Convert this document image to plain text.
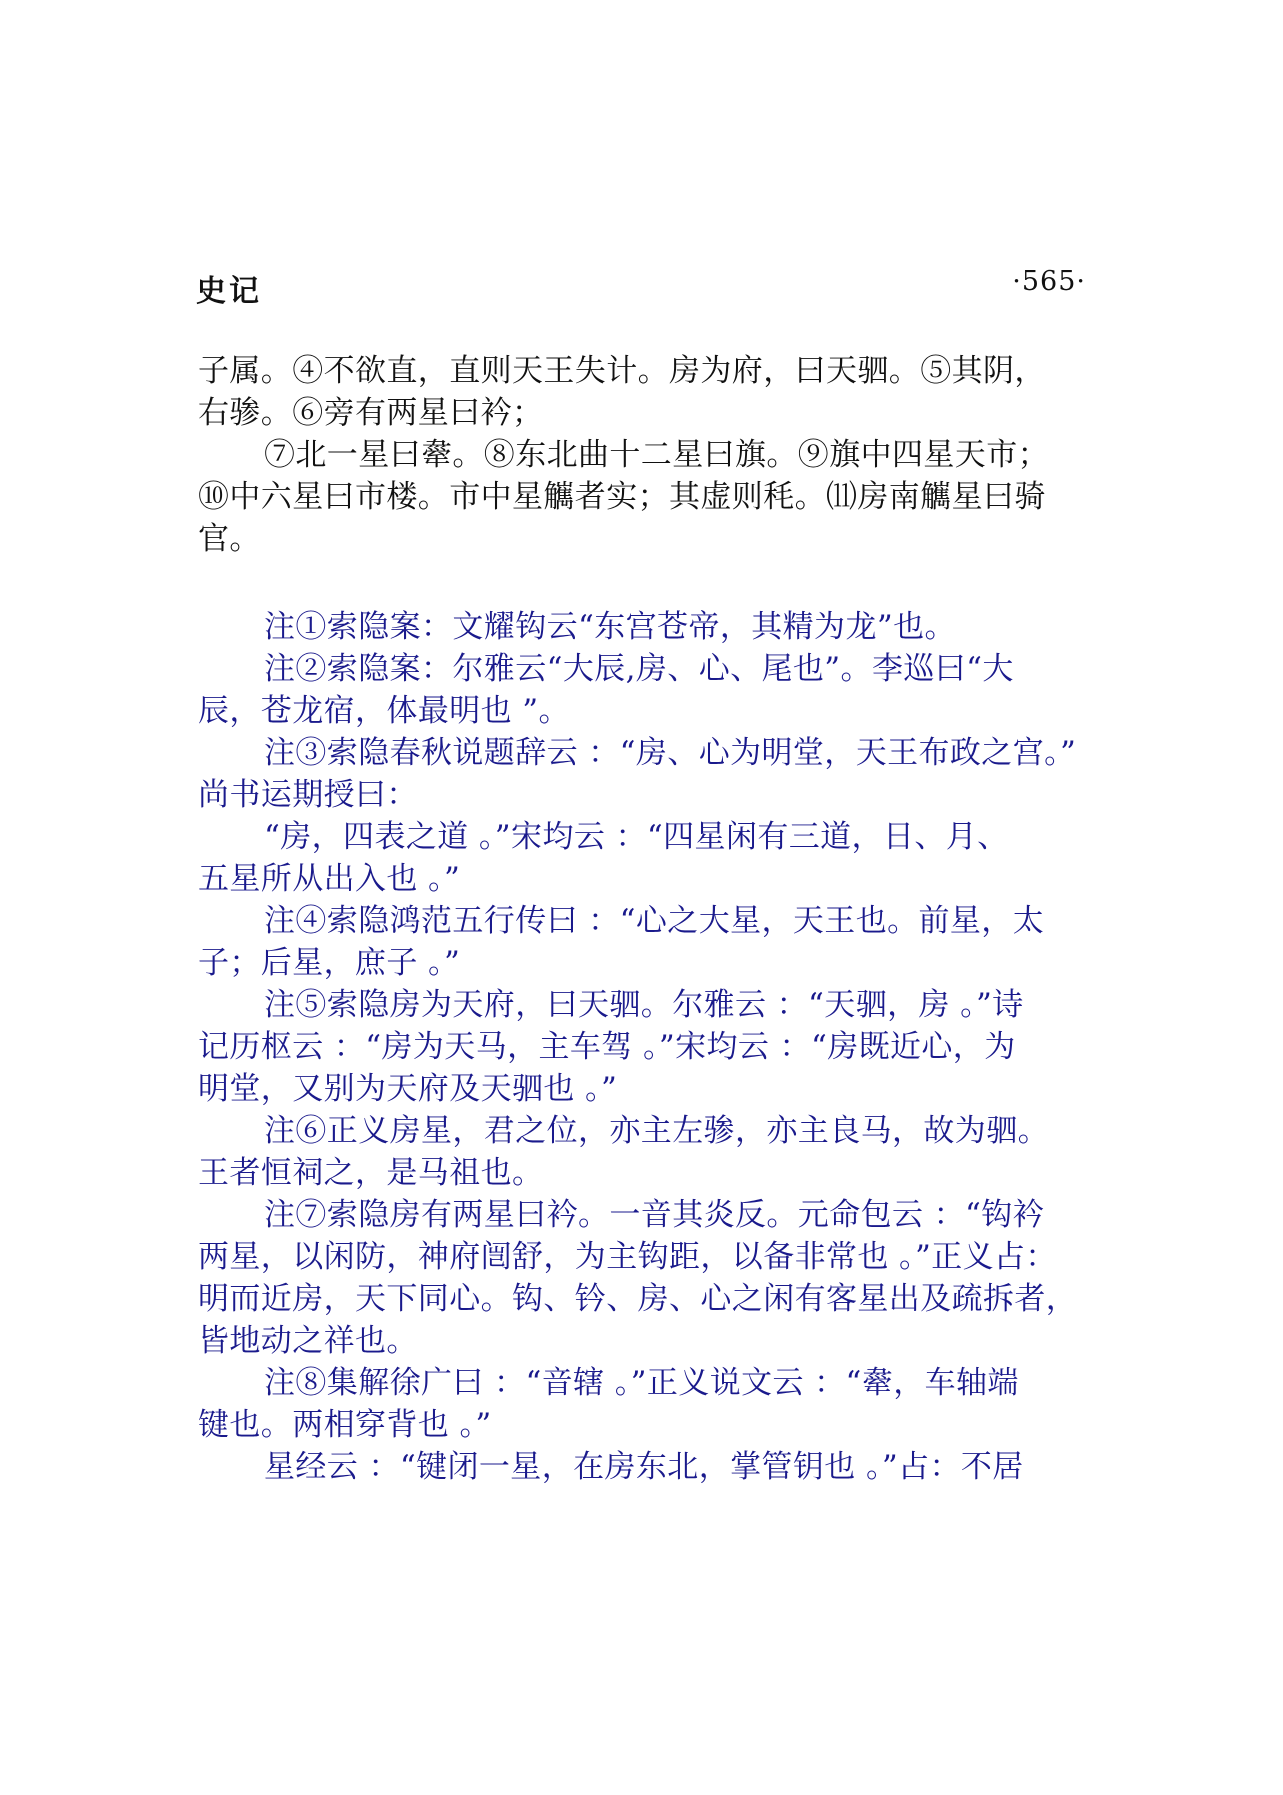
史记	·565·
子属。④不欲直，直则天王失计。房为府，曰天驷。⑤其阴，
右骖。⑥旁有两星曰衿；
⑦北一星曰舝。⑧东北曲十二星曰旗。⑨旗中四星天市；
⑩中六星曰市楼。市中星觽者实；其虚则秏。⑾房南觽星曰骑
官。
注①索隐案：文耀钩云“东宫苍帝，其精为龙”也。
注②索隐案：尔雅云“大辰,房、心、尾也”。李巡曰“大
辰，苍龙宿，体最明也 ”。
注③索隐春秋说题辞云 ：“房、心为明堂，天王布政之宫。”
尚书运期授曰：
“房，四表之道 。”宋均云 ：“四星闲有三道，日、月、
五星所从出入也 。”
注④索隐鸿范五行传曰 ：“心之大星，天王也。前星，太
子；后星，庶子 。”
注⑤索隐房为天府，曰天驷。尔雅云 ：“天驷，房 。”诗
记历枢云 ：“房为天马，主车驾 。”宋均云 ：“房既近心，为
明堂，又别为天府及天驷也 。”
注⑥正义房星，君之位，亦主左骖，亦主良马，故为驷。
王者恒祠之，是马祖也。
注⑦索隐房有两星曰衿。一音其炎反。元命包云 ：“钩衿
两星，以闲防，神府闿舒，为主钩距，以备非常也 。”正义占：
明而近房，天下同心。钩、钤、房、心之闲有客星出及疏拆者，
皆地动之祥也。
注⑧集解徐广曰 ：“音辖 。”正义说文云 ：“舝，车轴端
键也。两相穿背也 。”
星经云 ：“键闭一星，在房东北，掌管钥也 。”占：不居
